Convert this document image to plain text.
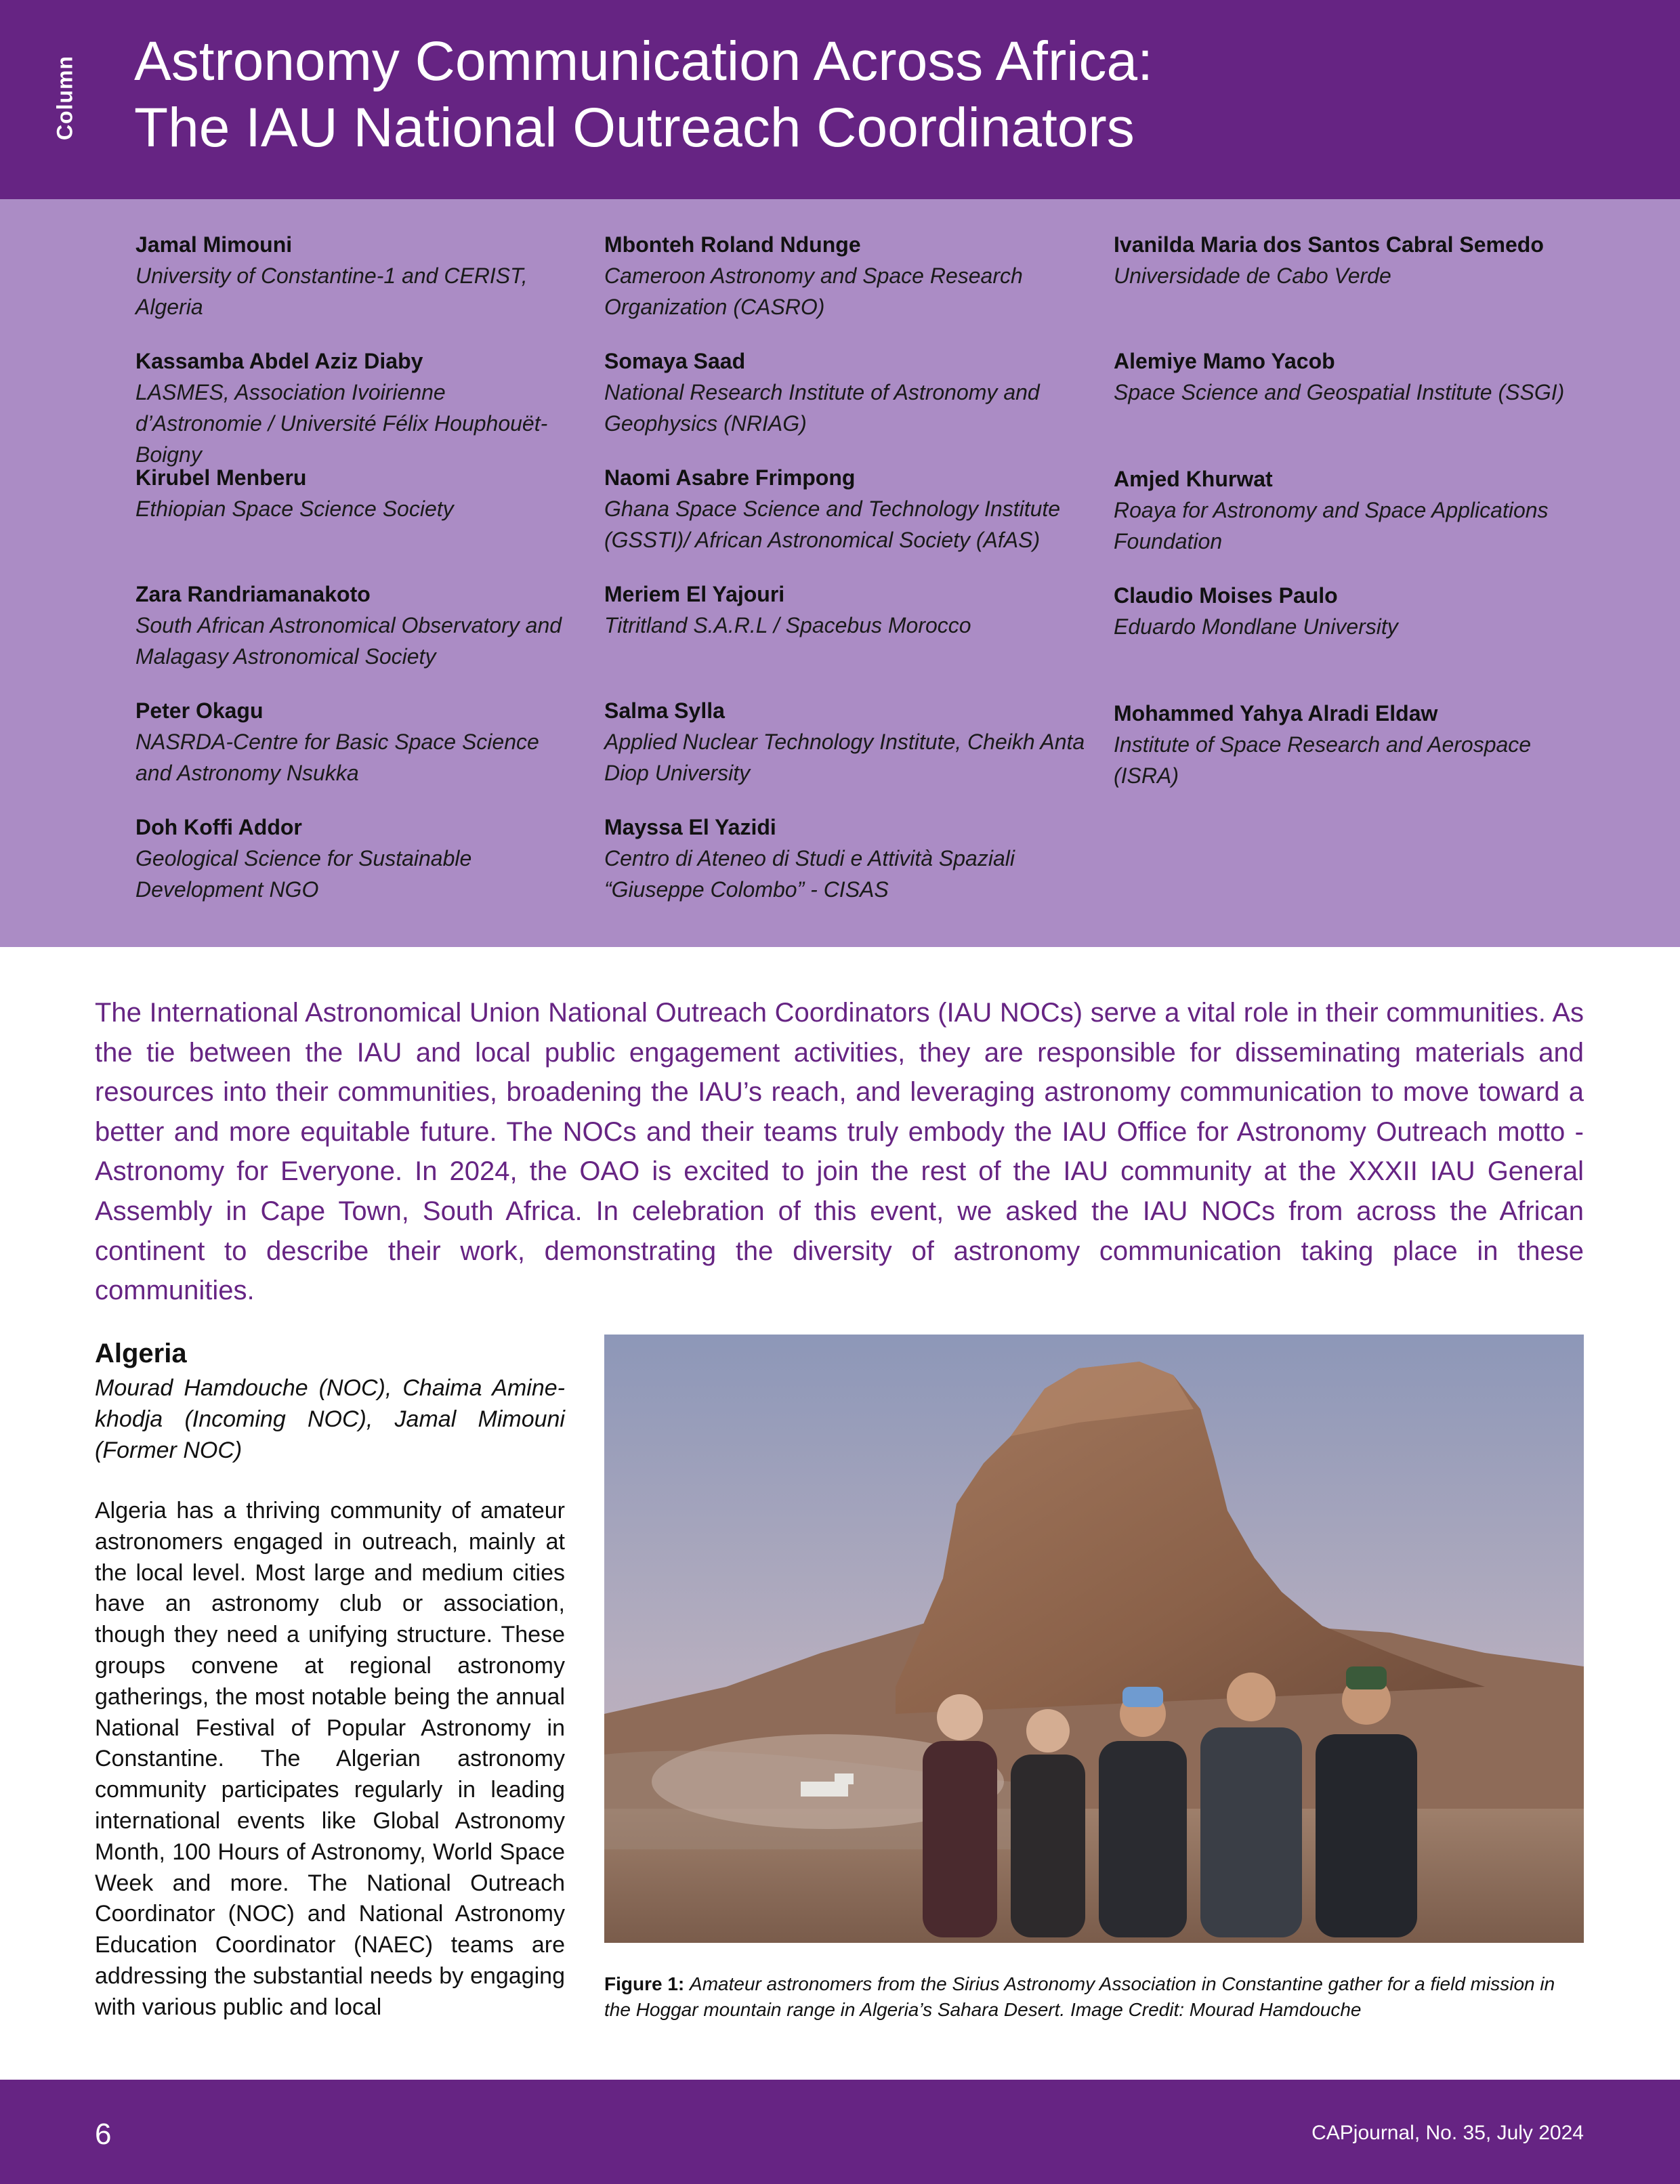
Column Astronomy Communication Across Africa:
The IAU National Outreach Coordinators
Jamal Mimouni
University of Constantine-1 and CERIST, Algeria
Kassamba Abdel Aziz Diaby
LASMES, Association Ivoirienne d’Astronomie / Université Félix Houphouët-Boigny
Kirubel Menberu
Ethiopian Space Science Society
Zara Randriamanakoto
South African Astronomical Observatory and Malagasy Astronomical Society
Peter Okagu
NASRDA-Centre for Basic Space Science and Astronomy Nsukka
Doh Koffi Addor
Geological Science for Sustainable Development NGO
Mbonteh Roland Ndunge
Cameroon Astronomy and Space Research Organization (CASRO)
Somaya Saad
National Research Institute of Astronomy and Geophysics (NRIAG)
Naomi Asabre Frimpong
Ghana Space Science and Technology Institute (GSSTI)/ African Astronomical Society (AfAS)
Meriem El Yajouri
Titritland S.A.R.L / Spacebus Morocco
Salma Sylla
Applied Nuclear Technology Institute, Cheikh Anta Diop University
Mayssa El Yazidi
Centro di Ateneo di Studi e Attività Spaziali “Giuseppe Colombo” - CISAS
Ivanilda Maria dos Santos Cabral Semedo
Universidade de Cabo Verde
Alemiye Mamo Yacob
Space Science and Geospatial Institute (SSGI)
Amjed Khurwat
Roaya for Astronomy and Space Applications Foundation
Claudio Moises Paulo
Eduardo Mondlane University
Mohammed Yahya Alradi Eldaw
Institute of Space Research and Aerospace (ISRA)
The International Astronomical Union National Outreach Coordinators (IAU NOCs) serve a vital role in their communities. As the tie between the IAU and local public engagement activities, they are responsible for disseminating materials and resources into their communities, broadening the IAU’s reach, and leveraging astronomy communication to move toward a better and more equitable future. The NOCs and their teams truly embody the IAU Office for Astronomy Outreach motto - Astronomy for Everyone. In 2024, the OAO is excited to join the rest of the IAU community at the XXXII IAU General Assembly in Cape Town, South Africa. In celebration of this event, we asked the IAU NOCs from across the African continent to describe their work, demonstrating the diversity of astronomy communication taking place in these communities.
Algeria
Mourad Hamdouche (NOC), Chaima Amine-khodja (Incoming NOC), Jamal Mimouni (Former NOC)
Algeria has a thriving community of amateur astronomers engaged in outreach, mainly at the local level. Most large and medium cities have an astronomy club or association, though they need a unifying structure. These groups convene at regional astronomy gatherings, the most notable being the annual National Festival of Popular Astronomy in Constantine. The Algerian astronomy community participates regularly in leading international events like Global Astronomy Month, 100 Hours of Astronomy, World Space Week and more. The National Outreach Coordinator (NOC) and National Astronomy Education Coordinator (NAEC) teams are addressing the substantial needs by engaging with various public and local
Figure 1: Amateur astronomers from the Sirius Astronomy Association in Constantine gather for a field mission in the Hoggar mountain range in Algeria’s Sahara Desert. Image Credit: Mourad Hamdouche
6	CAPjournal, No. 35, July 2024
